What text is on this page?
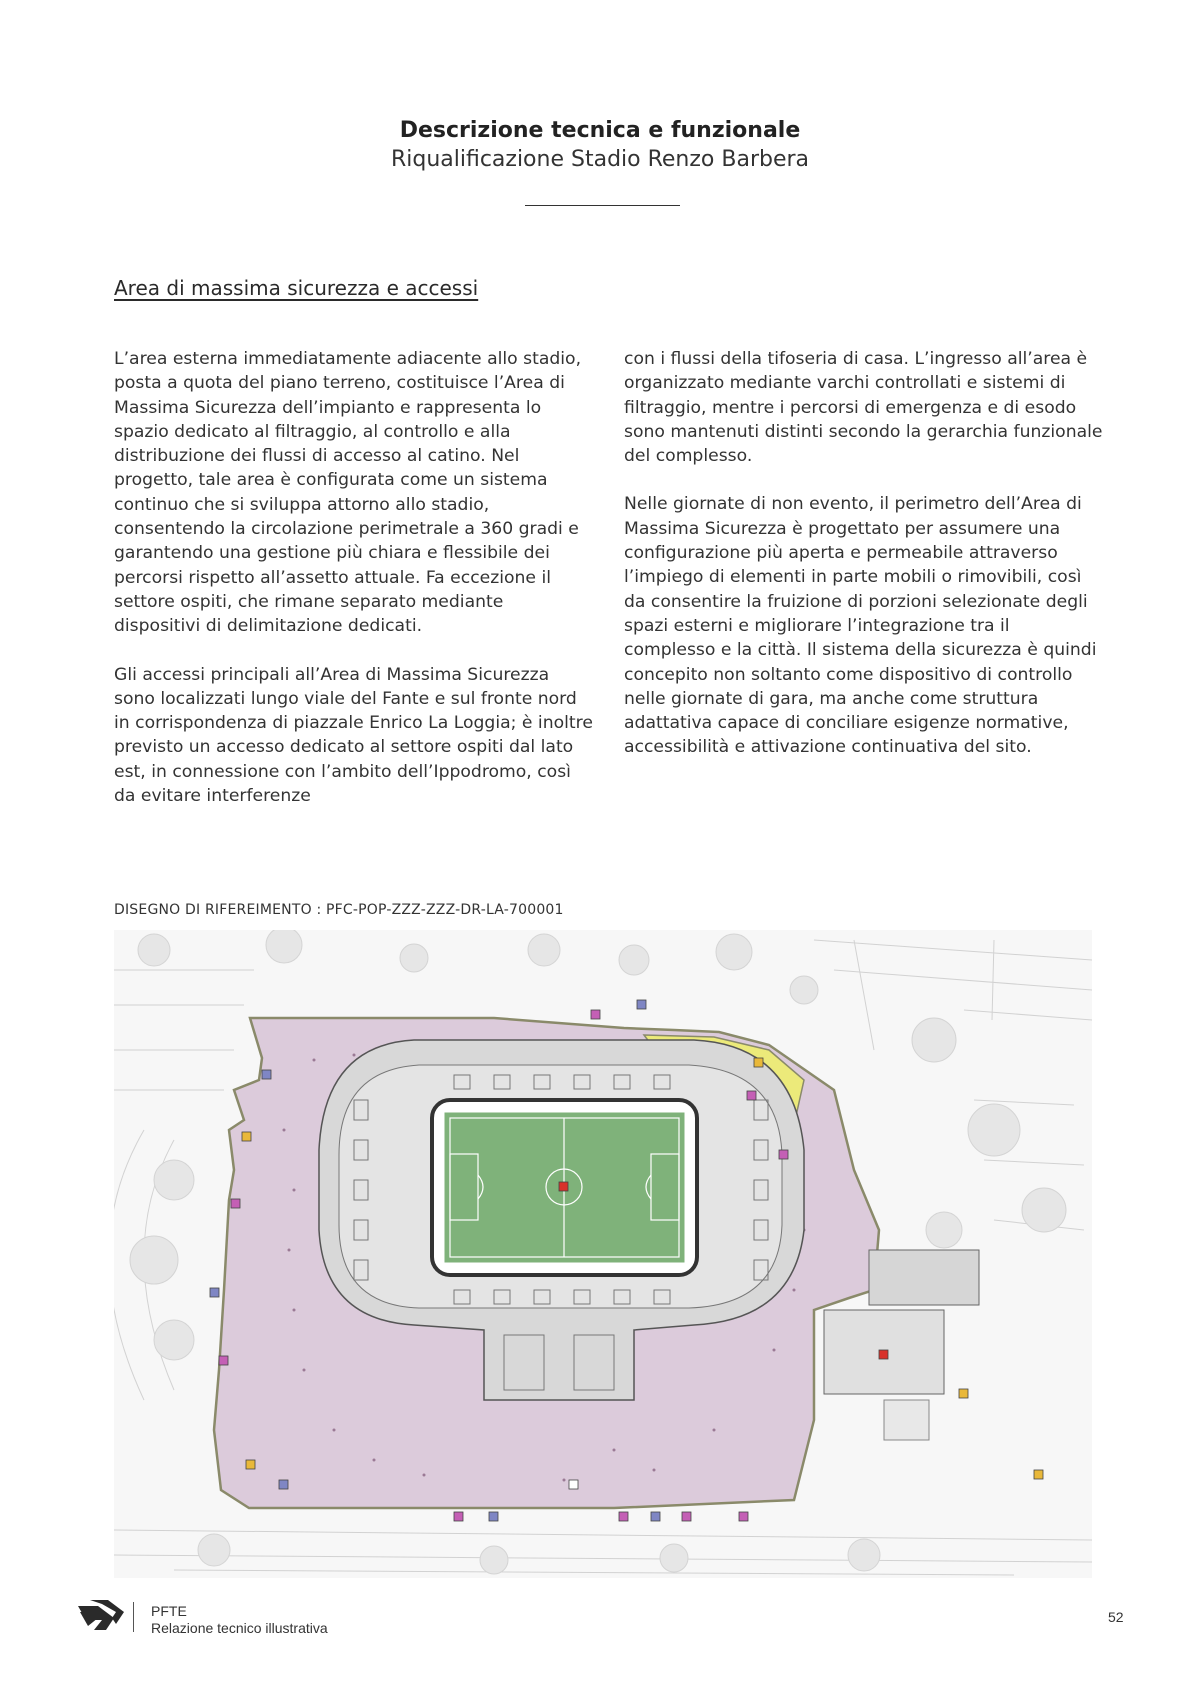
Descrizione tecnica e funzionale
Riqualificazione Stadio Renzo Barbera
Area di massima sicurezza e accessi

L’area esterna immediatamente adiacente allo stadio, posta a quota del piano terreno, costituisce l’Area di Massima Sicurezza dell’impianto e rappresenta lo spazio dedicato al filtraggio, al controllo e alla distribuzione dei flussi di accesso al catino. Nel progetto, tale area è configurata come un sistema continuo che si sviluppa attorno allo stadio, consentendo la circolazione perimetrale a 360 gradi e garantendo una gestione più chiara e flessibile dei percorsi rispetto all’assetto attuale. Fa eccezione il settore ospiti, che rimane separato mediante dispositivi di delimitazione dedicati.

Gli accessi principali all’Area di Massima Sicurezza sono localizzati lungo viale del Fante e sul fronte nord in corrispondenza di piazzale Enrico La Loggia; è inoltre previsto un accesso dedicato al settore ospiti dal lato est, in connessione con l’ambito dell’Ippodromo, così da evitare interferenze

con i flussi della tifoseria di casa. L’ingresso all’area è organizzato mediante varchi controllati e sistemi di filtraggio, mentre i percorsi di emergenza e di esodo sono mantenuti distinti secondo la gerarchia funzionale del complesso.

Nelle giornate di non evento, il perimetro dell’Area di Massima Sicurezza è progettato per assumere una configurazione più aperta e permeabile attraverso l’impiego di elementi in parte mobili o rimovibili, così da consentire la fruizione di porzioni selezionate degli spazi esterni e migliorare l’integrazione tra il complesso e la città. Il sistema della sicurezza è quindi concepito non soltanto come dispositivo di controllo nelle giornate di gara, ma anche come struttura adattativa capace di conciliare esigenze normative, accessibilità e attivazione continuativa del sito.

DISEGNO DI RIFEREIMENTO : PFC-POP-ZZZ-ZZZ-DR-LA-700001
PFTE
Relazione tecnico illustrativa
52
